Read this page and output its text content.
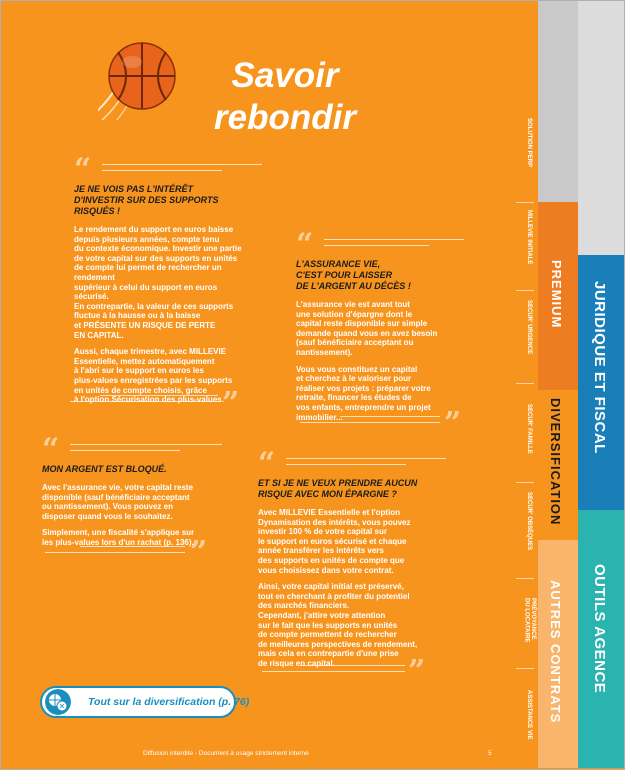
Savoir rebondir
“
JE NE VOIS PAS L'INTÉRÊT
D'INVESTIR SUR DES SUPPORTS
RISQUÉS !
Le rendement du support en euros baisse
depuis plusieurs années, compte tenu
du contexte économique. Investir une partie
de votre capital sur des supports en unités
de compte lui permet de rechercher un rendement
supérieur à celui du support en euros
sécurisé.
En contrepartie, la valeur de ces supports
fluctue à la hausse ou à la baisse
et PRÉSENTE UN RISQUE DE PERTE
EN CAPITAL.
Aussi, chaque trimestre, avec MILLEVIE
Essentielle, mettez automatiquement
à l'abri sur le support en euros les
plus-values enregistrées par les supports
en unités de compte choisis, grâce
à l'option Sécurisation des plus-values.
”
“
L'ASSURANCE VIE,
C'EST POUR LAISSER
DE L'ARGENT AU DÉCÈS !
L'assurance vie est avant tout
une solution d'épargne dont le
capital reste disponible sur simple
demande quand vous en avez besoin
(sauf bénéficiaire acceptant ou
nantissement).
Vous vous constituez un capital
et cherchez à le valoriser pour
réaliser vos projets : préparer votre
retraite, financer les études de
vos enfants, entreprendre un projet
immobilier...	”
“
MON ARGENT EST BLOQUÉ.
Avec l'assurance vie, votre capital reste
disponible (sauf bénéficiaire acceptant
ou nantissement). Vous pouvez en
disposer quand vous le souhaitez.
Simplement, une fiscalité s'applique sur
les plus-values lors d'un rachat (p. 136).
”
“
ET SI JE NE VEUX PRENDRE AUCUN
RISQUE AVEC MON ÉPARGNE ?
Avec MILLEVIE Essentielle et l'option
Dynamisation des intérêts, vous pouvez
investir 100 % de votre capital sur
le support en euros sécurisé et chaque
année transférer les intérêts vers
des supports en unités de compte que
vous choisissez dans votre contrat.
Ainsi, votre capital initial est préservé,
tout en cherchant à profiter du potentiel
des marchés financiers.
Cependant, j'attire votre attention
sur le fait que les supports en unités
de compte permettent de rechercher
de meilleures perspectives de rendement,
mais cela en contrepartie d'une prise
de risque en capital.	”
Tout sur la diversification (p. 76)
Diffusion interdite - Document à usage strictement interne	5
SOLUTION PERP
MILLEVIE INITIALE
SECUR' URGENCE
SECUR' FAMILLE
SECUR' OBSÈQUES
PRÉVOYANCE
DU LOCATAIRE
ASSISTANCE VIE
PREMIUM
DIVERSIFICATION
AUTRES CONTRATS
JURIDIQUE ET FISCAL
OUTILS AGENCE
